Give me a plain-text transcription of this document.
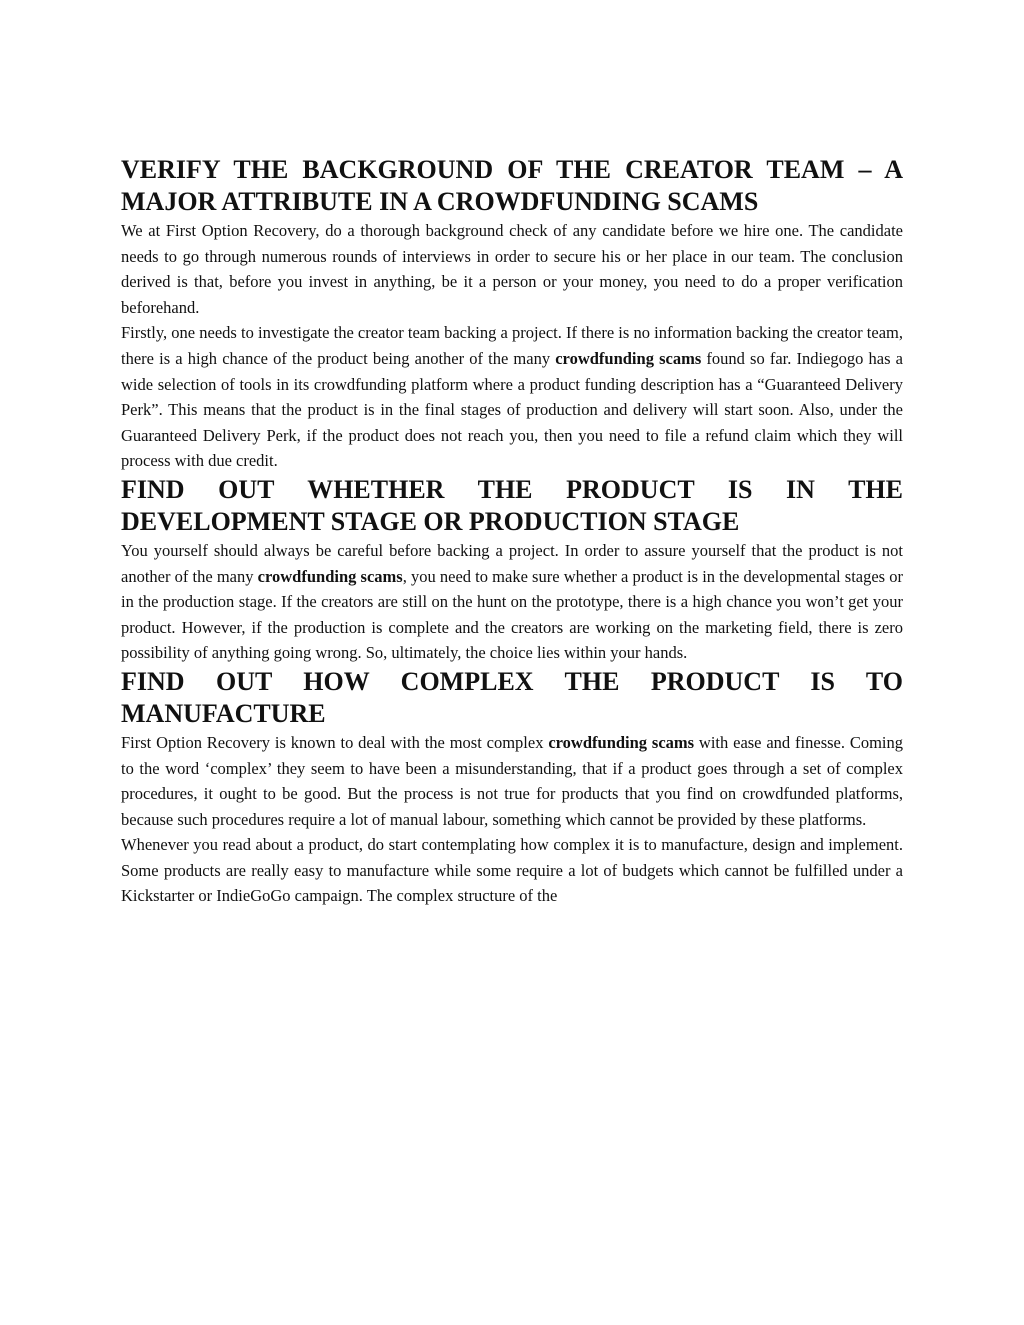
VERIFY THE BACKGROUND OF THE CREATOR TEAM – A MAJOR ATTRIBUTE IN A CROWDFUNDING SCAMS

We at First Option Recovery, do a thorough background check of any candidate before we hire one. The candidate needs to go through numerous rounds of interviews in order to secure his or her place in our team. The conclusion derived is that, before you invest in anything, be it a person or your money, you need to do a proper verification beforehand.

Firstly, one needs to investigate the creator team backing a project. If there is no information backing the creator team, there is a high chance of the product being another of the many crowdfunding scams found so far. Indiegogo has a wide selection of tools in its crowdfunding platform where a product funding description has a “Guaranteed Delivery Perk”. This means that the product is in the final stages of production and delivery will start soon. Also, under the Guaranteed Delivery Perk, if the product does not reach you, then you need to file a refund claim which they will process with due credit.

FIND OUT WHETHER THE PRODUCT IS IN THE DEVELOPMENT STAGE OR PRODUCTION STAGE

You yourself should always be careful before backing a project. In order to assure yourself that the product is not another of the many crowdfunding scams, you need to make sure whether a product is in the developmental stages or in the production stage. If the creators are still on the hunt on the prototype, there is a high chance you won’t get your product. However, if the production is complete and the creators are working on the marketing field, there is zero possibility of anything going wrong. So, ultimately, the choice lies within your hands.

FIND OUT HOW COMPLEX THE PRODUCT IS TO MANUFACTURE

First Option Recovery is known to deal with the most complex crowdfunding scams with ease and finesse. Coming to the word ‘complex’ they seem to have been a misunderstanding, that if a product goes through a set of complex procedures, it ought to be good. But the process is not true for products that you find on crowdfunded platforms, because such procedures require a lot of manual labour, something which cannot be provided by these platforms.

Whenever you read about a product, do start contemplating how complex it is to manufacture, design and implement. Some products are really easy to manufacture while some require a lot of budgets which cannot be fulfilled under a Kickstarter or IndieGoGo campaign. The complex structure of the
